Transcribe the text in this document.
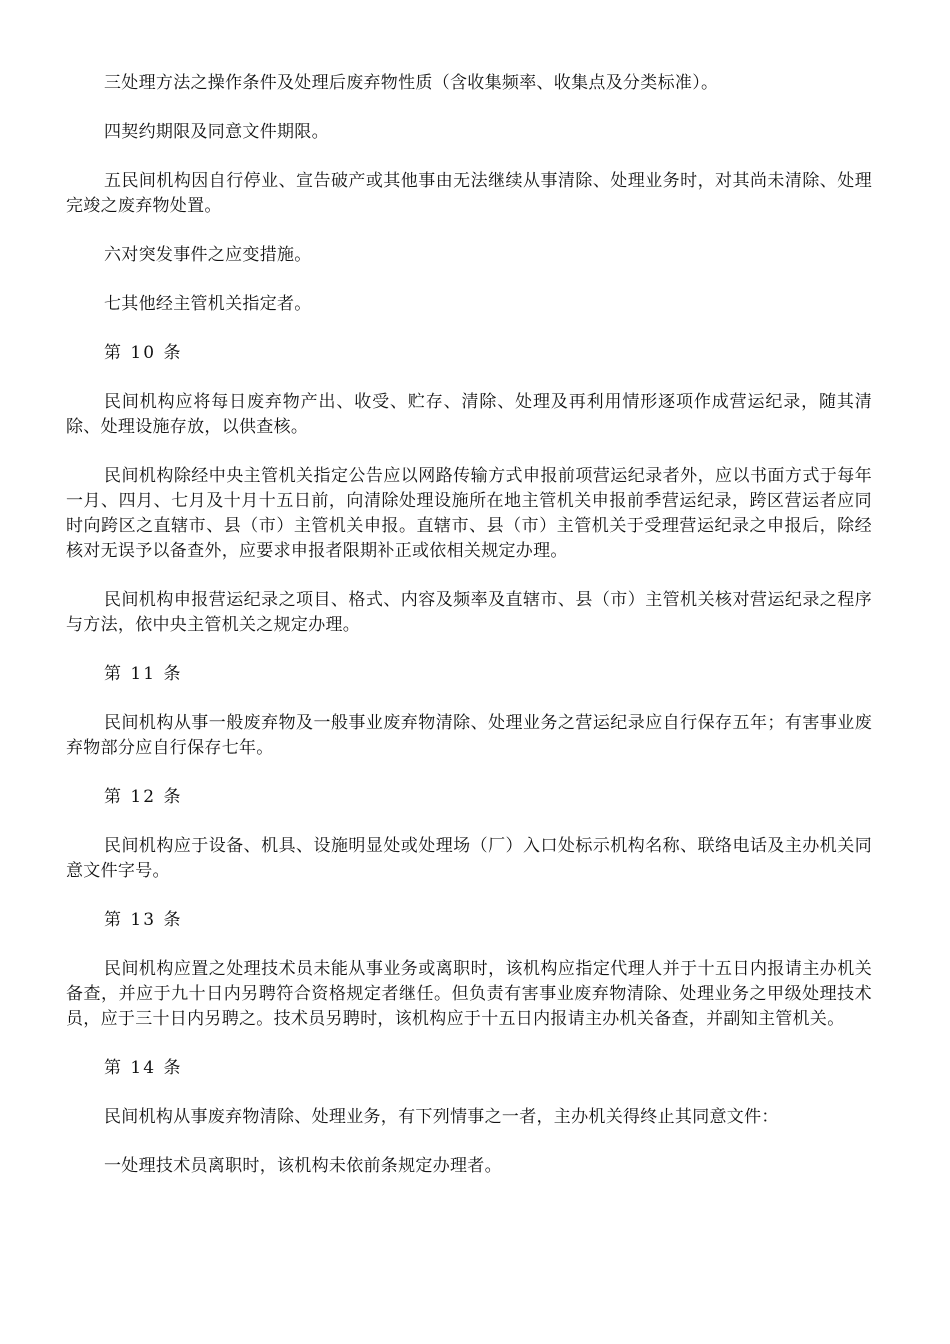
三处理方法之操作条件及处理后废弃物性质（含收集频率、收集点及分类标准）。

四契约期限及同意文件期限。

五民间机构因自行停业、宣告破产或其他事由无法继续从事清除、处理业务时，对其尚未清除、处理完竣之废弃物处置。

六对突发事件之应变措施。

七其他经主管机关指定者。

第 10 条

民间机构应将每日废弃物产出、收受、贮存、清除、处理及再利用情形逐项作成营运纪录，随其清除、处理设施存放，以供查核。

民间机构除经中央主管机关指定公告应以网路传输方式申报前项营运纪录者外，应以书面方式于每年一月、四月、七月及十月十五日前，向清除处理设施所在地主管机关申报前季营运纪录，跨区营运者应同时向跨区之直辖市、县（市）主管机关申报。直辖市、县（市）主管机关于受理营运纪录之申报后，除经核对无误予以备查外，应要求申报者限期补正或依相关规定办理。

民间机构申报营运纪录之项目、格式、内容及频率及直辖市、县（市）主管机关核对营运纪录之程序与方法，依中央主管机关之规定办理。

第 11 条

民间机构从事一般废弃物及一般事业废弃物清除、处理业务之营运纪录应自行保存五年；有害事业废弃物部分应自行保存七年。

第 12 条

民间机构应于设备、机具、设施明显处或处理场（厂）入口处标示机构名称、联络电话及主办机关同意文件字号。

第 13 条

民间机构应置之处理技术员未能从事业务或离职时，该机构应指定代理人并于十五日内报请主办机关备查，并应于九十日内另聘符合资格规定者继任。但负责有害事业废弃物清除、处理业务之甲级处理技术员，应于三十日内另聘之。技术员另聘时，该机构应于十五日内报请主办机关备查，并副知主管机关。

第 14 条

民间机构从事废弃物清除、处理业务，有下列情事之一者，主办机关得终止其同意文件：

一处理技术员离职时，该机构未依前条规定办理者。
